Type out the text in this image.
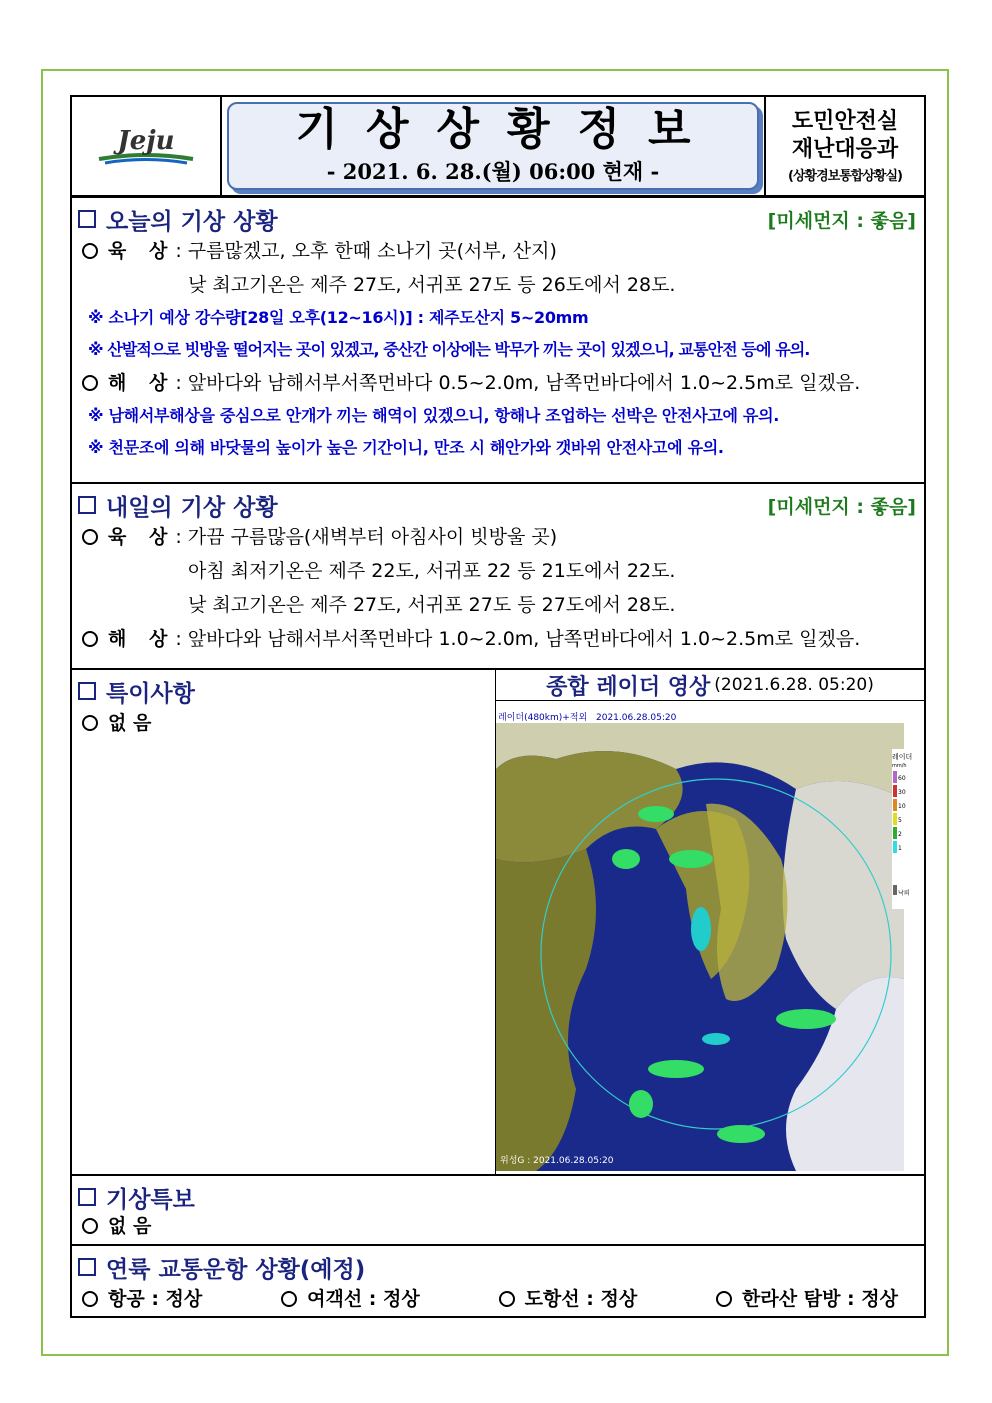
Jeju	기상상황정보
- 2021. 6. 28.(월) 06:00 현재 -
도민안전실
재난대응과
(상황경보통합상황실)
오늘의 기상 상황	[미세먼지 : 좋음]
육 상 : 구름많겠고, 오후 한때 소나기 곳(서부, 산지)
낮 최고기온은 제주 27도, 서귀포 27도 등 26도에서 28도.
※ 소나기 예상 강수량[28일 오후(12~16시)] : 제주도산지 5~20mm
※ 산발적으로 빗방울 떨어지는 곳이 있겠고, 중산간 이상에는 박무가 끼는 곳이 있겠으니, 교통안전 등에 유의.
해 상 : 앞바다와 남해서부서쪽먼바다 0.5~2.0m, 남쪽먼바다에서 1.0~2.5m로 일겠음.
※ 남해서부해상을 중심으로 안개가 끼는 해역이 있겠으니, 항해나 조업하는 선박은 안전사고에 유의.
※ 천문조에 의해 바닷물의 높이가 높은 기간이니, 만조 시 해안가와 갯바위 안전사고에 유의.
내일의 기상 상황	[미세먼지 : 좋음]
육 상 : 가끔 구름많음(새벽부터 아침사이 빗방울 곳)
아침 최저기온은 제주 22도, 서귀포 22 등 21도에서 22도.
낮 최고기온은 제주 27도, 서귀포 27도 등 27도에서 28도.
해 상 : 앞바다와 남해서부서쪽먼바다 1.0~2.0m, 남쪽먼바다에서 1.0~2.5m로 일겠음.
특이사항
없 음
종합 레이더 영상 (2021.6.28. 05:20)
레이더(480km)+적외 2021.06.28.05:20
위성G : 2021.06.28.05:20
레이더
mm/h
60
30
10
5
2
1
낙뢰
기상특보
없 음
연륙 교통운항 상황(예정)
항공 : 정상	여객선 : 정상	도항선 : 정상	한라산 탐방 : 정상
